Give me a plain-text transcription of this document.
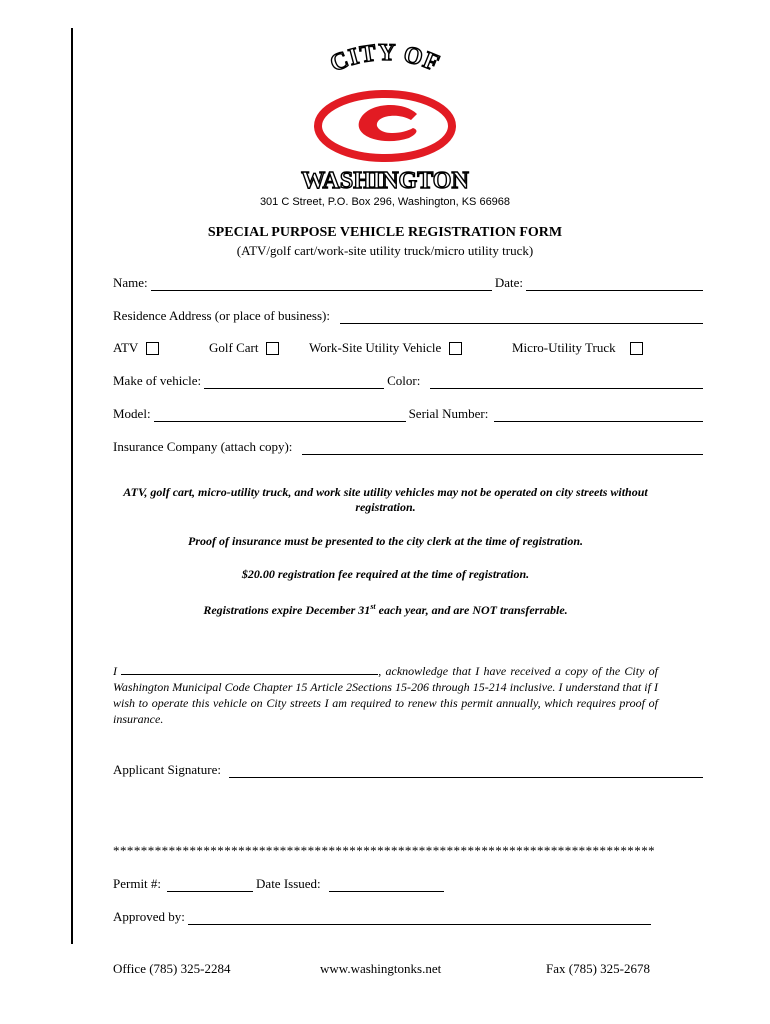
CITY OF
WASHINGTON
301 C Street, P.O. Box 296, Washington, KS 66968
SPECIAL PURPOSE VEHICLE REGISTRATION FORM
(ATV/golf cart/work-site utility truck/micro utility truck)
Name:	Date:
Residence Address (or place of business):
ATV	Golf Cart	Work-Site Utility Vehicle	Micro-Utility Truck
Make of vehicle:	Color:
Model:	Serial Number:
Insurance Company (attach copy):
ATV, golf cart, micro-utility truck, and work site utility vehicles may not be operated on city streets without registration.
Proof of insurance must be presented to the city clerk at the time of registration.
$20.00 registration fee required at the time of registration.
Registrations expire December 31st each year, and are NOT transferrable.
I	, acknowledge that I have received a copy of the City of Washington Municipal Code Chapter 15 Article 2Sections 15-206 through 15-214 inclusive. I understand that if I wish to operate this vehicle on City streets I am required to renew this permit annually, which requires proof of insurance.
Applicant Signature:
******************************************************************************
Permit #:	Date Issued:
Approved by:
Office (785) 325-2284	www.washingtonks.net	Fax (785) 325-2678
